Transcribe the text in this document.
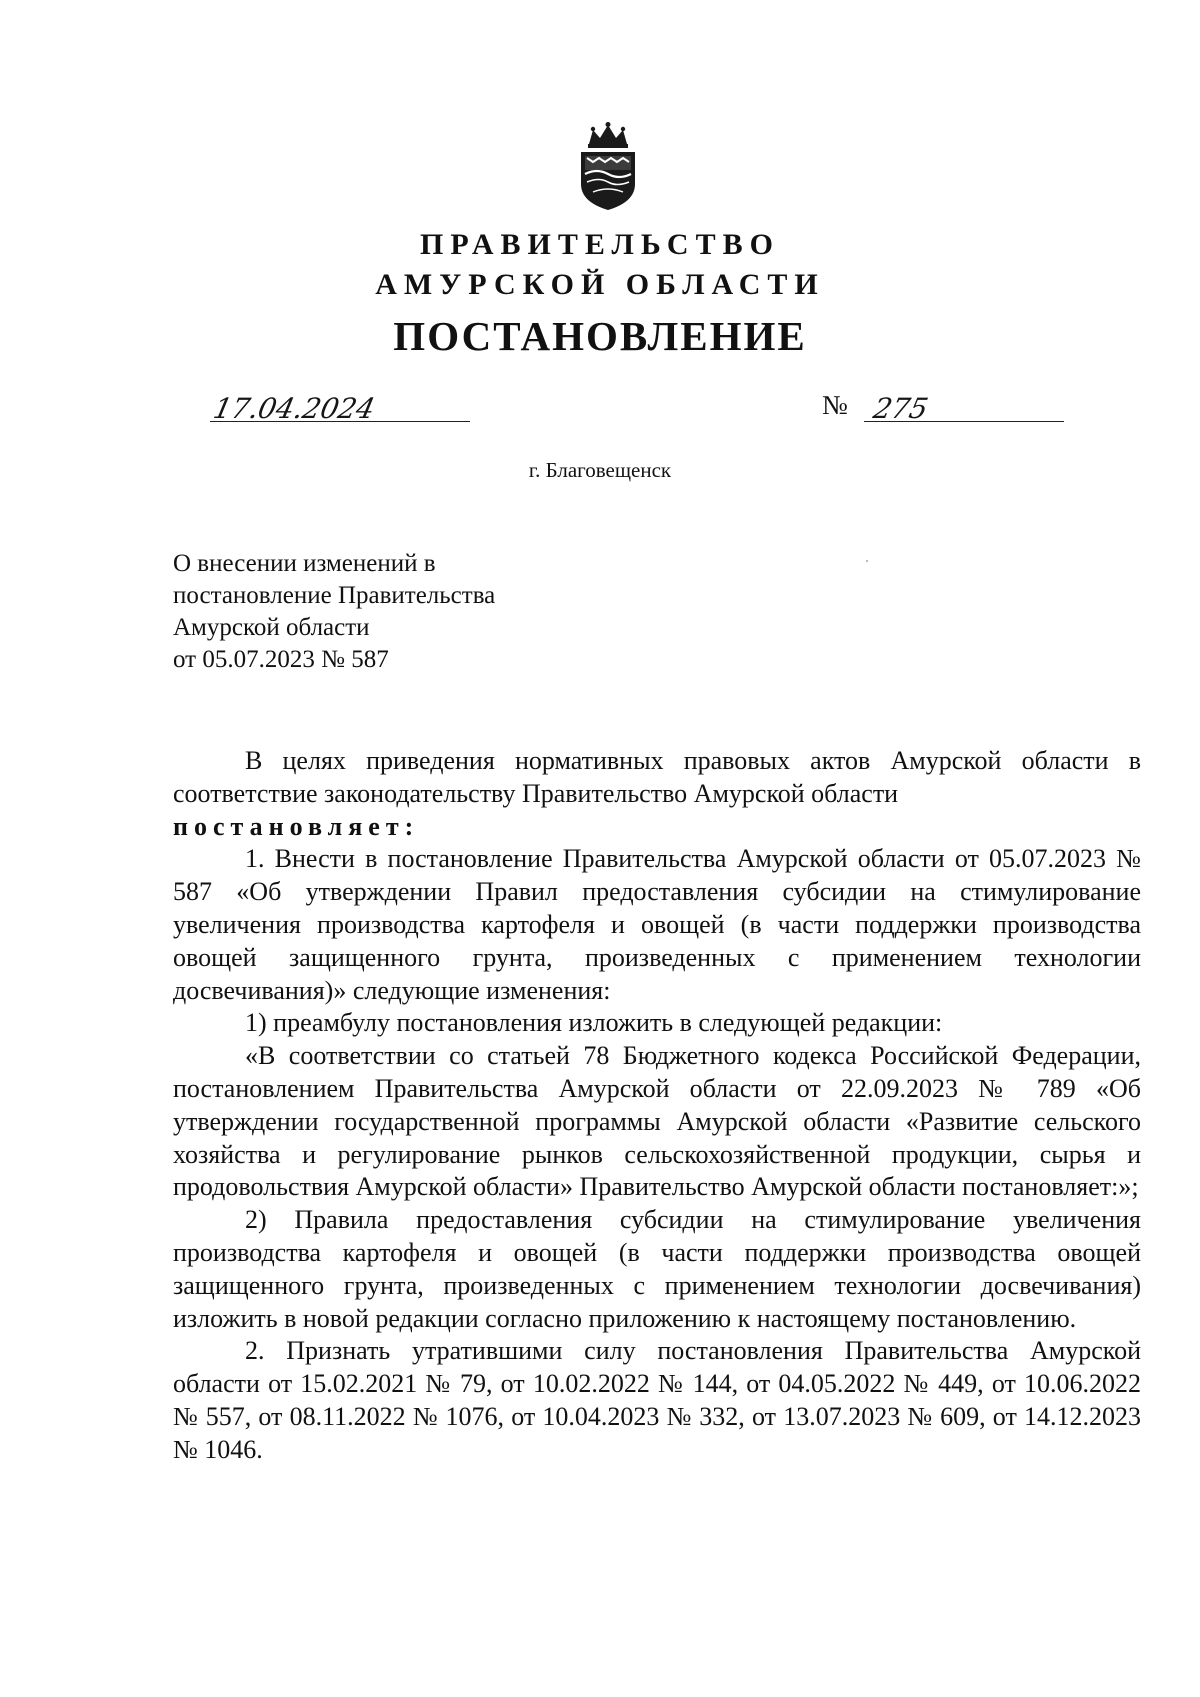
ПРАВИТЕЛЬСТВО
АМУРСКОЙ ОБЛАСТИ
ПОСТАНОВЛЕНИЕ
17.04.2024	№ 275
г. Благовещенск
О внесении изменений в
постановление Правительства
Амурской области
от 05.07.2023 № 587

В целях приведения нормативных правовых актов Амурской области в соответствие законодательству Правительство Амурской области

постановляет:

1. Внести в постановление Правительства Амурской области от 05.07.2023 № 587 «Об утверждении Правил предоставления субсидии на стимулирование увеличения производства картофеля и овощей (в части поддержки производства овощей защищенного грунта, произведенных с применением технологии досвечивания)» следующие изменения:

1) преамбулу постановления изложить в следующей редакции:

«В соответствии со статьей 78 Бюджетного кодекса Российской Федерации, постановлением Правительства Амурской области от 22.09.2023 № 789 «Об утверждении государственной программы Амурской области «Развитие сельского хозяйства и регулирование рынков сельскохозяйственной продукции, сырья и продовольствия Амурской области» Правительство Амурской области постановляет:»;

2) Правила предоставления субсидии на стимулирование увеличения производства картофеля и овощей (в части поддержки производства овощей защищенного грунта, произведенных с применением технологии досвечивания) изложить в новой редакции согласно приложению к настоящему постановлению.

2. Признать утратившими силу постановления Правительства Амурской области от 15.02.2021 № 79, от 10.02.2022 № 144, от 04.05.2022 № 449, от 10.06.2022 № 557, от 08.11.2022 № 1076, от 10.04.2023 № 332, от 13.07.2023 № 609, от 14.12.2023 № 1046.
